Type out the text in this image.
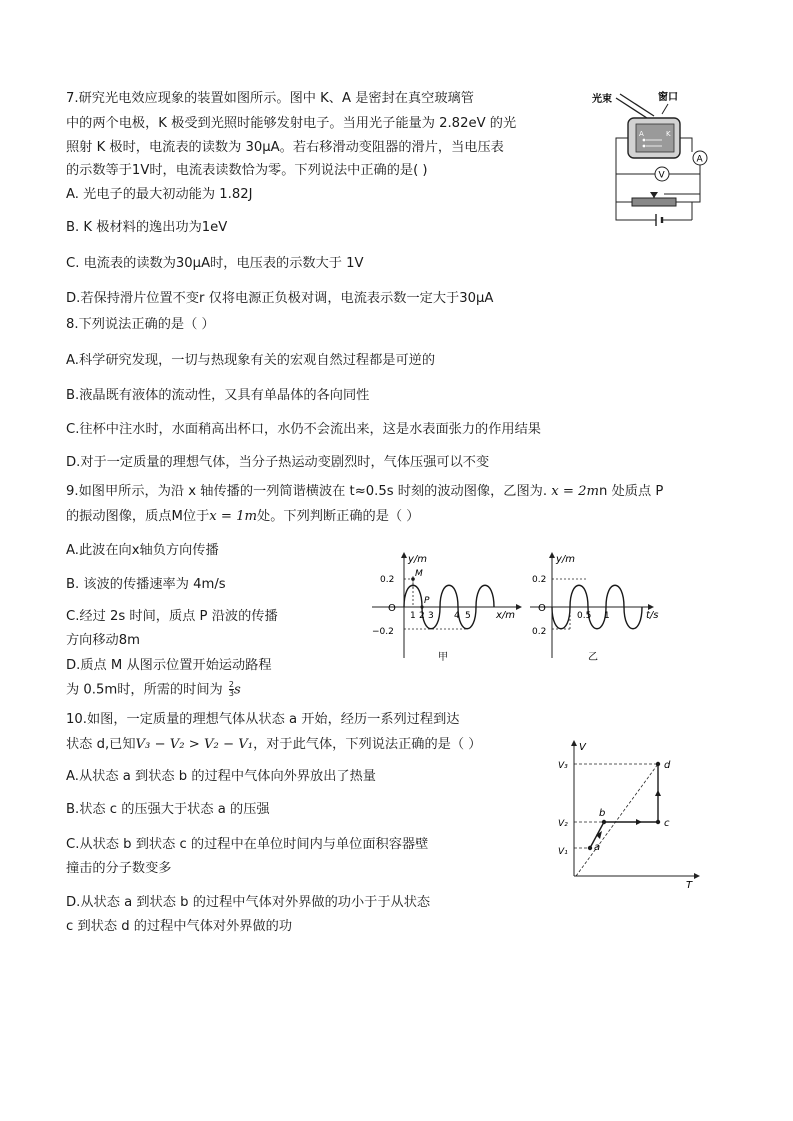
7.研究光电效应现象的装置如图所示。图中 K、A 是密封在真空玻璃管
中的两个电极，K 极受到光照时能够发射电子。当用光子能量为 2.82eV 的光
照射 K 极时，电流表的读数为 30μA。若右移滑动变阻器的滑片，当电压表
的示数等于1V时，电流表读数恰为零。下列说法中正确的是( )
A. 光电子的最大初动能为 1.82J
B. K 极材料的逸出功为1eV
C. 电流表的读数为30μA时，电压表的示数大于 1V
D.若保持滑片位置不变r 仅将电源正负极对调，电流表示数一定大于30μA
光束	窗口
A	K
A
V
8.下列说法正确的是（ ）
A.科学研究发现，一切与热现象有关的宏观自然过程都是可逆的
B.液晶既有液体的流动性，又具有单晶体的各向同性
C.往杯中注水时，水面稍高出杯口，水仍不会流出来，这是水表面张力的作用结果
D.对于一定质量的理想气体，当分子热运动变剧烈时，气体压强可以不变
9.如图甲所示，为沿 x 轴传播的一列简谐横波在 t≈0.5s 时刻的波动图像，乙图为. x = 2mn 处质点 P
的振动图像，质点M位于x = 1m处。下列判断正确的是（ ）
A.此波在向x轴负方向传播
B. 该波的传播速率为 4m/s
C.经过 2s 时间，质点 P 沿波的传播
方向移动8m
D.质点 M 从图示位置开始运动路程
为 0.5m时，所需的时间为 $\frac{2}{3}$ s
y/m
x/m
O
0.2
−0.2
M
P
1 2 3 4 5
甲
y/m
t/s
O
0.2
0.2
0.5 1
乙
10.如图，一定质量的理想气体从状态 a 开始，经历一系列过程到达
状态 d,已知V₃ − V₂ > V₂ − V₁，对于此气体，下列说法正确的是（ ）
A.从状态 a 到状态 b 的过程中气体向外界放出了热量
B.状态 c 的压强大于状态 a 的压强
C.从状态 b 到状态 c 的过程中在单位时间内与单位面积容器壁
撞击的分子数变多
D.从状态 a 到状态 b 的过程中气体对外界做的功小于于从状态
c 到状态 d 的过程中气体对外界做的功
V
T
V₃
V₂
V₁	a
b
c
d
